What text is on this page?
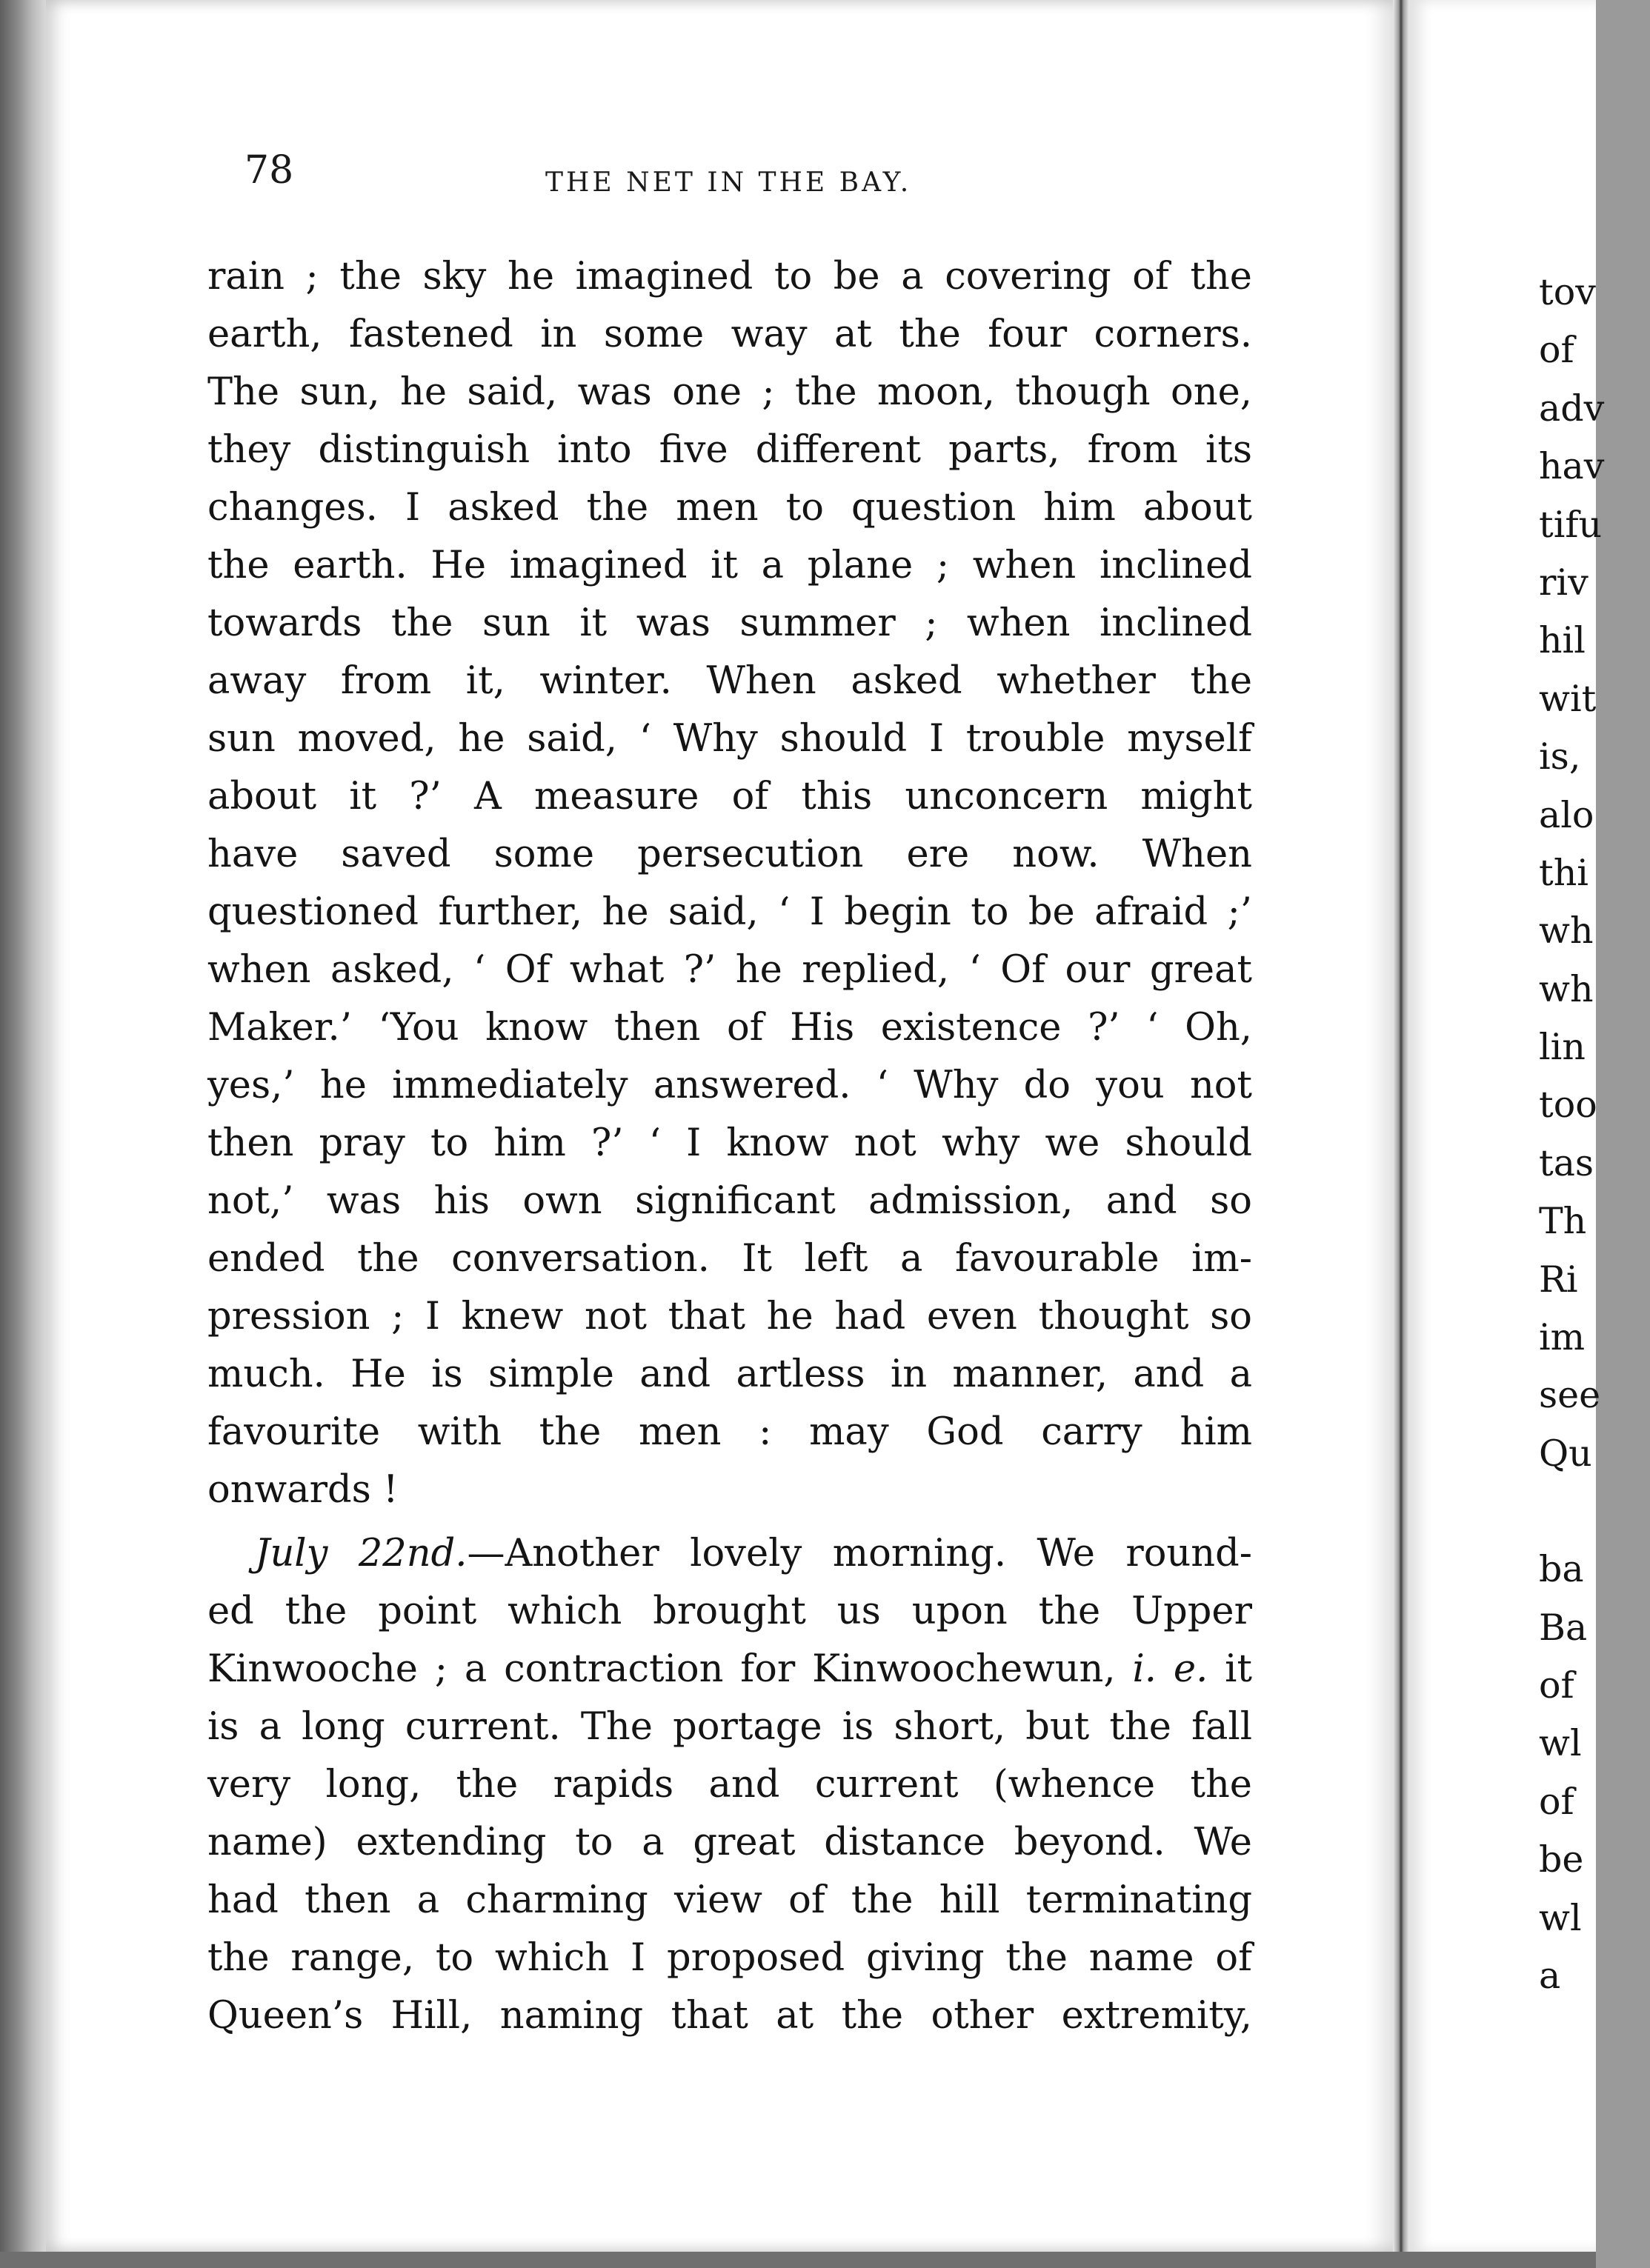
78	THE NET IN THE BAY.
rain ; the sky he imagined to be a covering of the
earth, fastened in some way at the four corners.
The sun, he said, was one ; the moon, though one,
they distinguish into five different parts, from its
changes. I asked the men to question him about
the earth. He imagined it a plane ; when inclined
towards the sun it was summer ; when inclined
away from it, winter. When asked whether the
sun moved, he said, ‘ Why should I trouble myself
about it ?’ A measure of this unconcern might
have saved some persecution ere now. When
questioned further, he said, ‘ I begin to be afraid ;’
when asked, ‘ Of what ?’ he replied, ‘ Of our great
Maker.’ ‘You know then of His existence ?’ ‘ Oh,
yes,’ he immediately answered. ‘ Why do you not
then pray to him ?’ ‘ I know not why we should
not,’ was his own significant admission, and so
ended the conversation. It left a favourable im-
pression ; I knew not that he had even thought so
much. He is simple and artless in manner, and a
favourite with the men : may God carry him
onwards !
July 22nd.—Another lovely morning. We round-
ed the point which brought us upon the Upper
Kinwooche ; a contraction for Kinwoochewun, i. e. it
is a long current. The portage is short, but the fall
very long, the rapids and current (whence the
name) extending to a great distance beyond. We
had then a charming view of the hill terminating
the range, to which I proposed giving the name of
Queen’s Hill, naming that at the other extremity,
tov
of
adv
hav
tifu
riv
hil
wit
is,
alo
thi
wh
wh
lin
too
tas
Th
Ri
im
see
Qu
ba
Ba
of
wl
of
be
wl
a
